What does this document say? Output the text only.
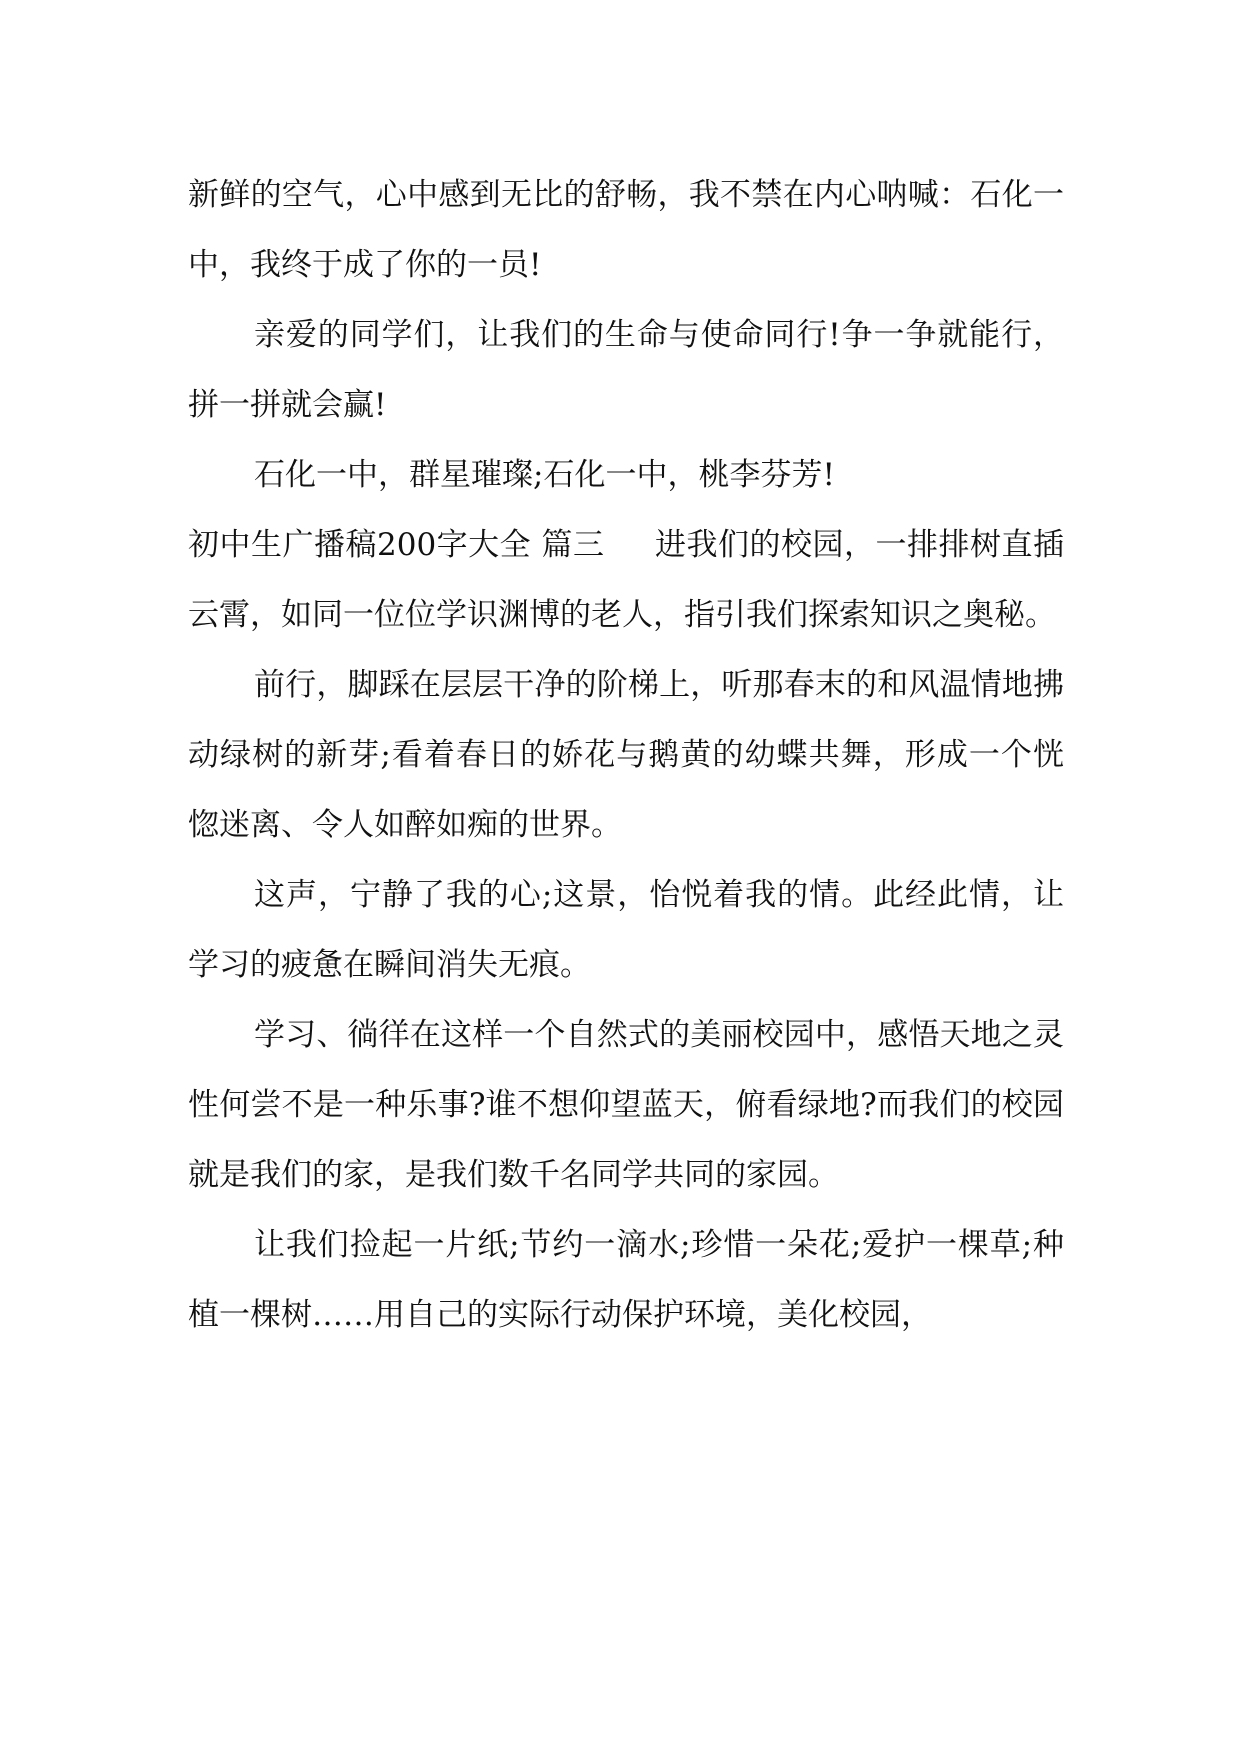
新鲜的空气，心中感到无比的舒畅，我不禁在内心呐喊：石化一中，我终于成了你的一员!

亲爱的同学们，让我们的生命与使命同行!争一争就能行，拼一拼就会赢!

石化一中，群星璀璨;石化一中，桃李芬芳!

初中生广播稿200字大全 篇三 进我们的校园，一排排树直插云霄，如同一位位学识渊博的老人，指引我们探索知识之奥秘。

前行，脚踩在层层干净的阶梯上，听那春末的和风温情地拂动绿树的新芽;看着春日的娇花与鹅黄的幼蝶共舞，形成一个恍惚迷离、令人如醉如痴的世界。

这声，宁静了我的心;这景，怡悦着我的情。此经此情，让学习的疲惫在瞬间消失无痕。

学习、徜徉在这样一个自然式的美丽校园中，感悟天地之灵性何尝不是一种乐事?谁不想仰望蓝天，俯看绿地?而我们的校园就是我们的家，是我们数千名同学共同的家园。

让我们捡起一片纸;节约一滴水;珍惜一朵花;爱护一棵草;种植一棵树……用自己的实际行动保护环境，美化校园，
